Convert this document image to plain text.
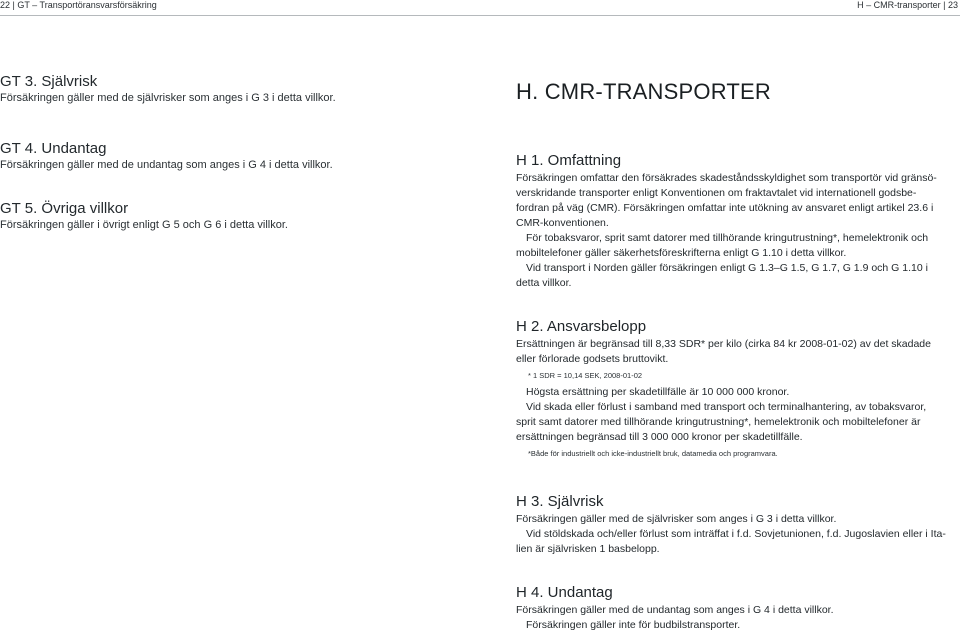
22 | GT – Transportöransvarsförsäkring	H – CMR-transporter | 23
GT 3. Självrisk
Försäkringen gäller med de självrisker som anges i G 3 i detta villkor.
GT 4. Undantag
Försäkringen gäller med de undantag som anges i G 4 i detta villkor.
GT 5. Övriga villkor
Försäkringen gäller i övrigt enligt G 5 och G 6 i detta villkor.
H. CMR-TRANSPORTER
H 1. Omfattning
Försäkringen omfattar den försäkrades skadeståndsskyldighet som transportör vid gränsö-
verskridande transporter enligt Konventionen om fraktavtalet vid internationell godsbe-
fordran på väg (CMR). Försäkringen omfattar inte utökning av ansvaret enligt artikel 23.6 i
CMR-konventionen.
För tobaksvaror, sprit samt datorer med tillhörande kringutrustning*, hemelektronik och
mobiltelefoner gäller säkerhetsföreskrifterna enligt G 1.10 i detta villkor.
Vid transport i Norden gäller försäkringen enligt G 1.3–G 1.5, G 1.7, G 1.9 och G 1.10 i
detta villkor.
H 2. Ansvarsbelopp
Ersättningen är begränsad till 8,33 SDR* per kilo (cirka 84 kr 2008-01-02) av det skadade
eller förlorade godsets bruttovikt.
* 1 SDR = 10,14 SEK, 2008-01-02
Högsta ersättning per skadetillfälle är 10 000 000 kronor.
Vid skada eller förlust i samband med transport och terminalhantering, av tobaksvaror,
sprit samt datorer med tillhörande kringutrustning*, hemelektronik och mobiltelefoner är
ersättningen begränsad till 3 000 000 kronor per skadetillfälle.
*Både för industriellt och icke-industriellt bruk, datamedia och programvara.
H 3. Självrisk
Försäkringen gäller med de självrisker som anges i G 3 i detta villkor.
Vid stöldskada och/eller förlust som inträffat i f.d. Sovjetunionen, f.d. Jugoslavien eller i Ita-
lien är självrisken 1 basbelopp.
H 4. Undantag
Försäkringen gäller med de undantag som anges i G 4 i detta villkor.
Försäkringen gäller inte för budbilstransporter.
